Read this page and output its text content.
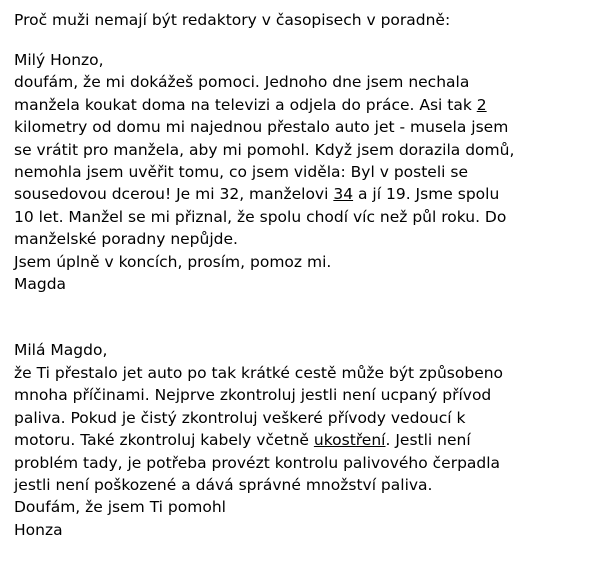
Proč muži nemají být redaktory v časopisech v poradně:

Milý Honzo,

doufám, že mi dokážeš pomoci. Jednoho dne jsem nechala

manžela koukat doma na televizi a odjela do práce. Asi tak 2

kilometry od domu mi najednou přestalo auto jet - musela jsem

se vrátit pro manžela, aby mi pomohl. Když jsem dorazila domů,

nemohla jsem uvěřit tomu, co jsem viděla: Byl v posteli se

sousedovou dcerou! Je mi 32, manželovi 34 a jí 19. Jsme spolu

10 let. Manžel se mi přiznal, že spolu chodí víc než půl roku. Do

manželské poradny nepůjde.

Jsem úplně v koncích, prosím, pomoz mi.

Magda

Milá Magdo,

že Ti přestalo jet auto po tak krátké cestě může být způsobeno

mnoha příčinami. Nejprve zkontroluj jestli není ucpaný přívod

paliva. Pokud je čistý zkontroluj veškeré přívody vedoucí k

motoru. Také zkontroluj kabely včetně ukostření. Jestli není

problém tady, je potřeba provézt kontrolu palivového čerpadla

jestli není poškozené a dává správné množství paliva.

Doufám, že jsem Ti pomohl

Honza
